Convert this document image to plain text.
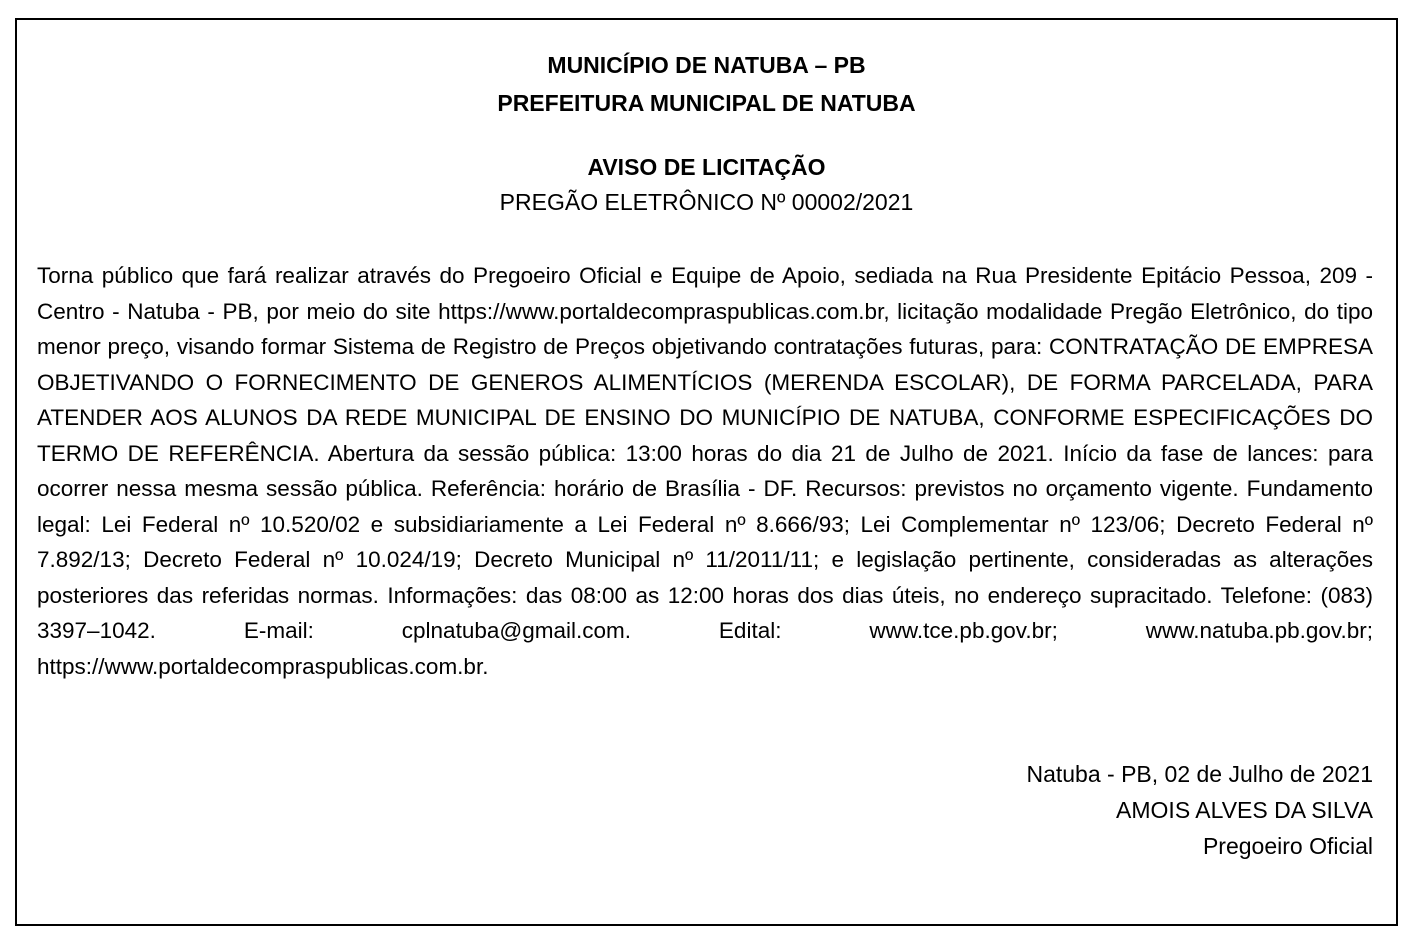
MUNICÍPIO DE NATUBA – PB

PREFEITURA MUNICIPAL DE NATUBA

AVISO DE LICITAÇÃO

PREGÃO ELETRÔNICO Nº 00002/2021

Torna público que fará realizar através do Pregoeiro Oficial e Equipe de Apoio, sediada na Rua Presidente Epitácio Pessoa, 209 - Centro - Natuba - PB, por meio do site https://www.portaldecompraspublicas.com.br, licitação modalidade Pregão Eletrônico, do tipo menor preço, visando formar Sistema de Registro de Preços objetivando contratações futuras, para: CONTRATAÇÃO DE EMPRESA OBJETIVANDO O FORNECIMENTO DE GENEROS ALIMENTÍCIOS (MERENDA ESCOLAR), DE FORMA PARCELADA, PARA ATENDER AOS ALUNOS DA REDE MUNICIPAL DE ENSINO DO MUNICÍPIO DE NATUBA, CONFORME ESPECIFICAÇÕES DO TERMO DE REFERÊNCIA. Abertura da sessão pública: 13:00 horas do dia 21 de Julho de 2021. Início da fase de lances: para ocorrer nessa mesma sessão pública. Referência: horário de Brasília - DF. Recursos: previstos no orçamento vigente. Fundamento legal: Lei Federal nº 10.520/02 e subsidiariamente a Lei Federal nº 8.666/93; Lei Complementar nº 123/06; Decreto Federal nº 7.892/13; Decreto Federal nº 10.024/19; Decreto Municipal nº 11/2011/11; e legislação pertinente, consideradas as alterações posteriores das referidas normas. Informações: das 08:00 as 12:00 horas dos dias úteis, no endereço supracitado. Telefone: (083) 3397–1042. E-mail: cplnatuba@gmail.com. Edital: www.tce.pb.gov.br; www.natuba.pb.gov.br; https://www.portaldecompraspublicas.com.br.

Natuba - PB, 02 de Julho de 2021

AMOIS ALVES DA SILVA

Pregoeiro Oficial
